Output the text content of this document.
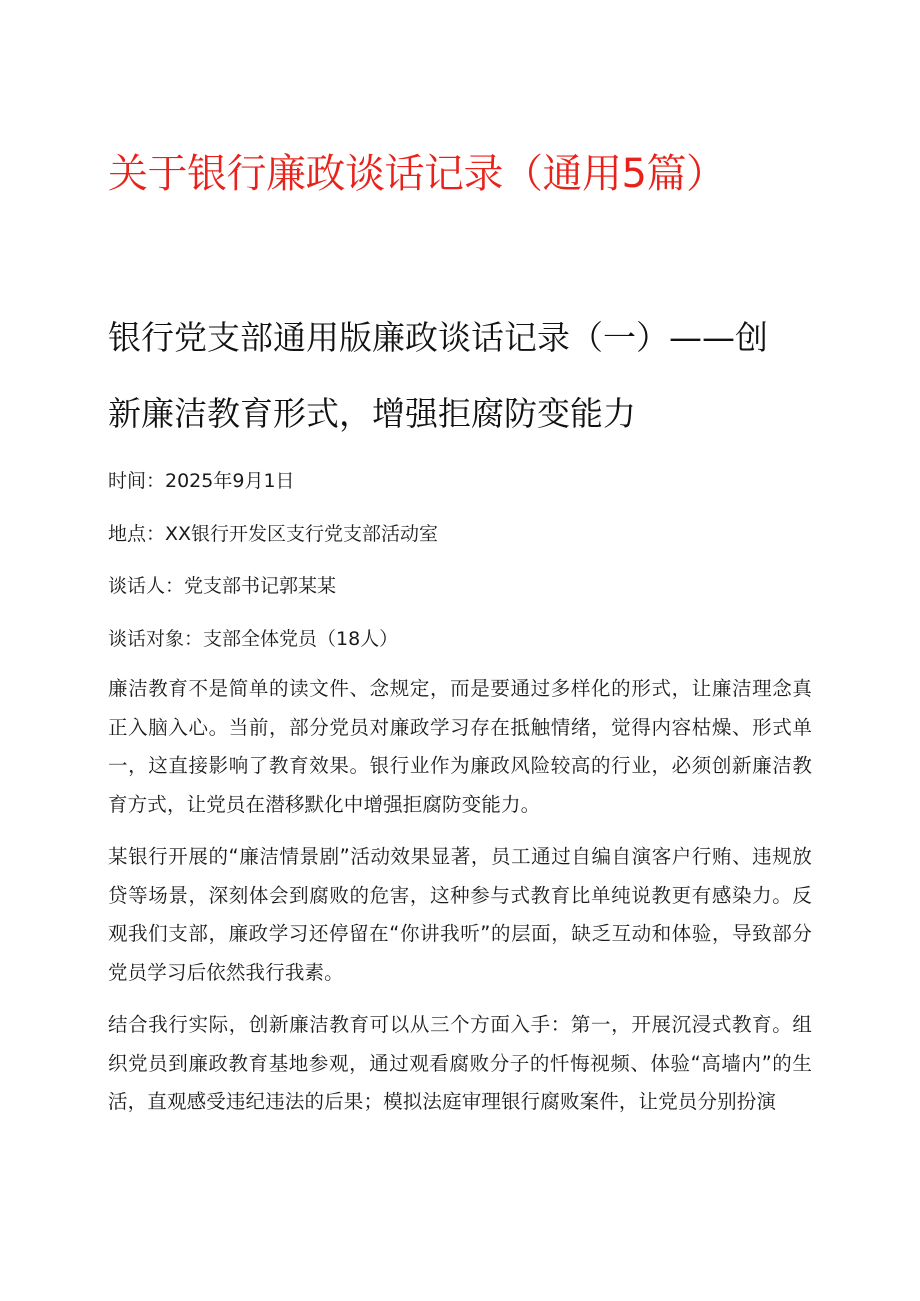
关于银行廉政谈话记录（通用5篇）
银行党支部通用版廉政谈话记录（一）——创
新廉洁教育形式，增强拒腐防变能力
时间：2025年9月1日
地点：XX银行开发区支行党支部活动室
谈话人：党支部书记郭某某
谈话对象：支部全体党员（18人）

廉洁教育不是简单的读文件、念规定，而是要通过多样化的形式，让廉洁理念真正入脑入心。当前，部分党员对廉政学习存在抵触情绪，觉得内容枯燥、形式单一，这直接影响了教育效果。银行业作为廉政风险较高的行业，必须创新廉洁教育方式，让党员在潜移默化中增强拒腐防变能力。

某银行开展的“廉洁情景剧”活动效果显著，员工通过自编自演客户行贿、违规放贷等场景，深刻体会到腐败的危害，这种参与式教育比单纯说教更有感染力。反观我们支部，廉政学习还停留在“你讲我听”的层面，缺乏互动和体验，导致部分党员学习后依然我行我素。

结合我行实际，创新廉洁教育可以从三个方面入手：第一，开展沉浸式教育。组织党员到廉政教育基地参观，通过观看腐败分子的忏悔视频、体验“高墙内”的生活，直观感受违纪违法的后果；模拟法庭审理银行腐败案件，让党员分别扮演
